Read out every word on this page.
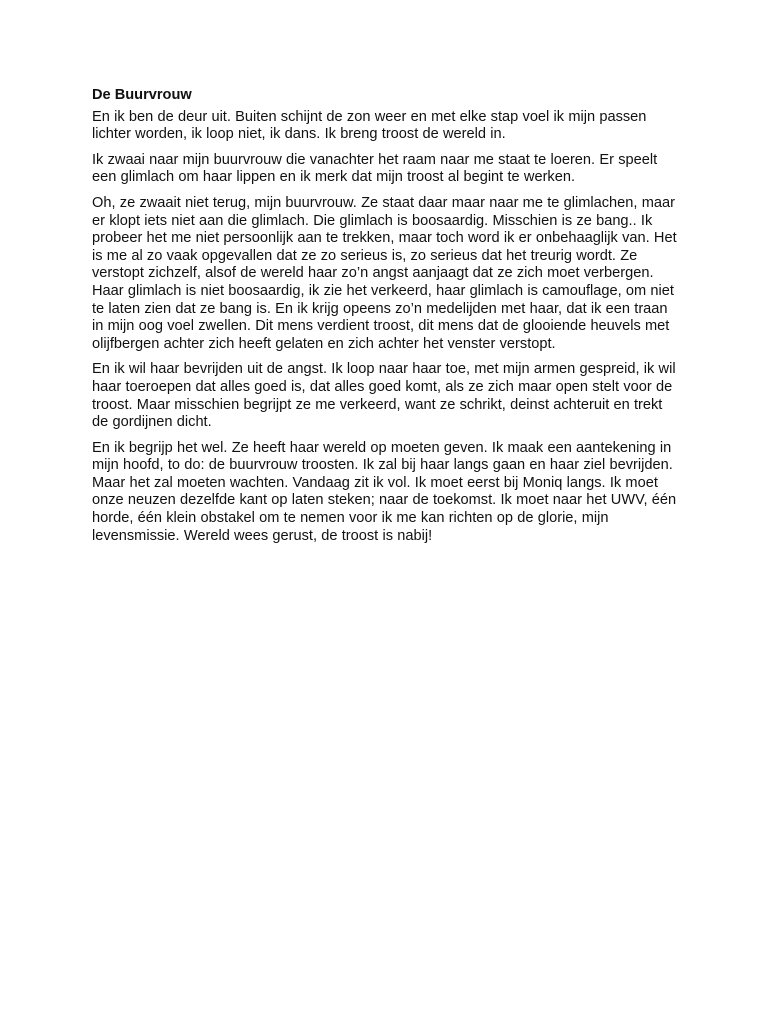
De Buurvrouw

En ik ben de deur uit. Buiten schijnt de zon weer en met elke stap voel ik mijn passen lichter worden, ik loop niet, ik dans. Ik breng troost de wereld in.

Ik zwaai naar mijn buurvrouw die vanachter het raam naar me staat te loeren. Er speelt een glimlach om haar lippen en ik merk dat mijn troost al begint te werken.

Oh, ze zwaait niet terug, mijn buurvrouw. Ze staat daar maar naar me te glimlachen, maar er klopt iets niet aan die glimlach. Die glimlach is boosaardig. Misschien is ze bang.. Ik probeer het me niet persoonlijk aan te trekken, maar toch word ik er onbehaaglijk van. Het is me al zo vaak opgevallen dat ze zo serieus is, zo serieus dat het treurig wordt. Ze verstopt zichzelf, alsof de wereld haar zo’n angst aanjaagt dat ze zich moet verbergen. Haar glimlach is niet boosaardig, ik zie het verkeerd, haar glimlach is camouflage, om niet te laten zien dat ze bang is. En ik krijg opeens zo’n medelijden met haar, dat ik een traan in mijn oog voel zwellen. Dit mens verdient troost, dit mens dat de glooiende heuvels met olijfbergen achter zich heeft gelaten en zich achter het venster verstopt.

En ik wil haar bevrijden uit de angst. Ik loop naar haar toe, met mijn armen gespreid, ik wil haar toeroepen dat alles goed is, dat alles goed komt, als ze zich maar open stelt voor de troost. Maar misschien begrijpt ze me verkeerd, want ze schrikt, deinst achteruit en trekt de gordijnen dicht.

En ik begrijp het wel. Ze heeft haar wereld op moeten geven. Ik maak een aantekening in mijn hoofd, to do: de buurvrouw troosten. Ik zal bij haar langs gaan en haar ziel bevrijden. Maar het zal moeten wachten. Vandaag zit ik vol. Ik moet eerst bij Moniq langs. Ik moet onze neuzen dezelfde kant op laten steken; naar de toekomst. Ik moet naar het UWV, één horde, één klein obstakel om te nemen voor ik me kan richten op de glorie, mijn levensmissie. Wereld wees gerust, de troost is nabij!
